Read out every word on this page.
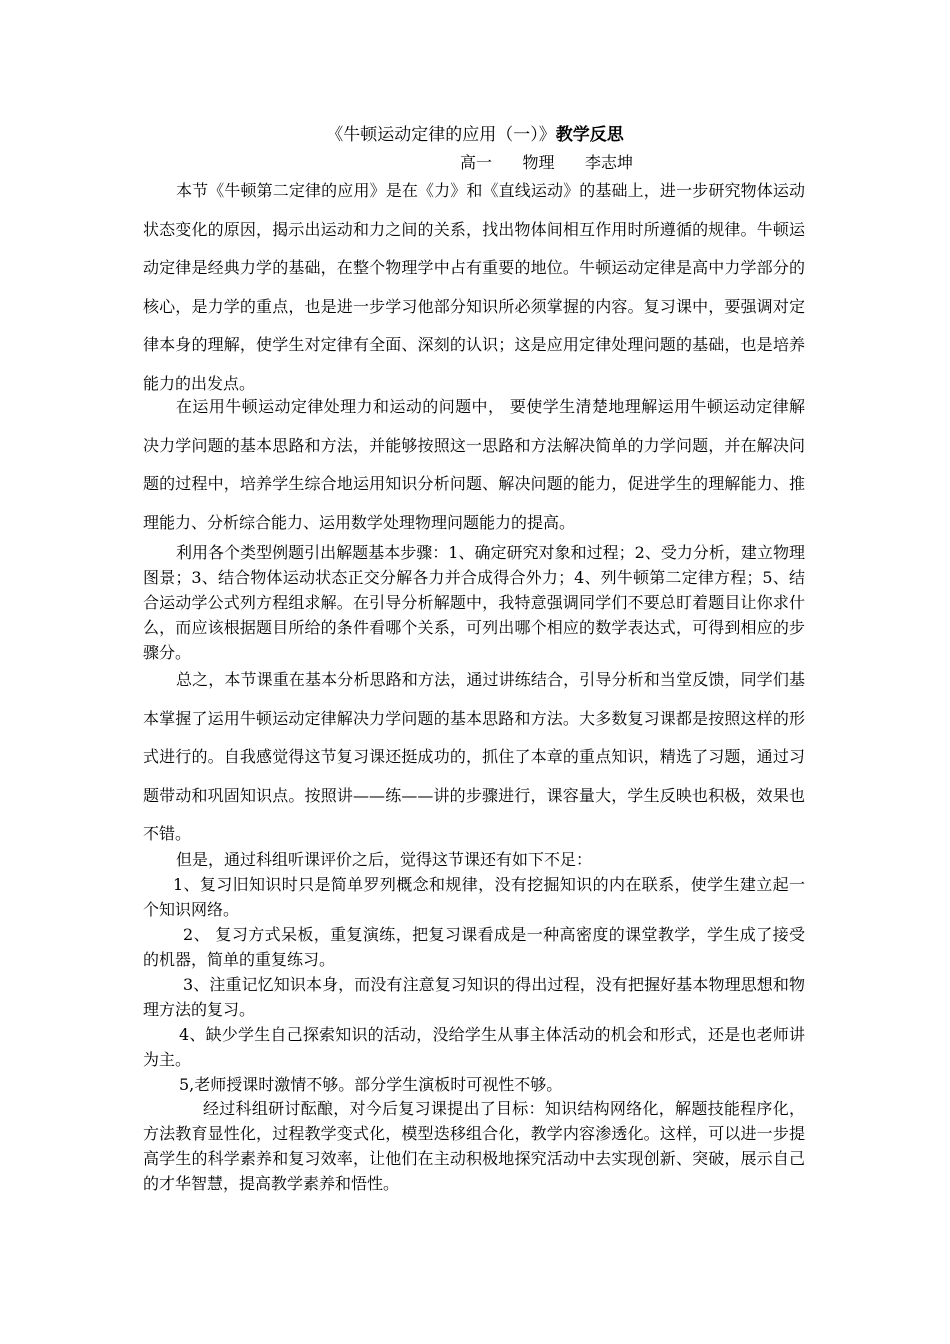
《牛顿运动定律的应用（一）》教学反思
高一      物理      李志坤

本节《牛顿第二定律的应用》是在《力》和《直线运动》的基础上，进一步研究物体运动状态变化的原因，揭示出运动和力之间的关系，找出物体间相互作用时所遵循的规律。牛顿运动定律是经典力学的基础，在整个物理学中占有重要的地位。牛顿运动定律是高中力学部分的核心，是力学的重点，也是进一步学习他部分知识所必须掌握的内容。复习课中，要强调对定律本身的理解，使学生对定律有全面、深刻的认识；这是应用定律处理问题的基础，也是培养能力的出发点。

在运用牛顿运动定律处理力和运动的问题中， 要使学生清楚地理解运用牛顿运动定律解决力学问题的基本思路和方法，并能够按照这一思路和方法解决简单的力学问题，并在解决问题的过程中，培养学生综合地运用知识分析问题、解决问题的能力，促进学生的理解能力、推理能力、分析综合能力、运用数学处理物理问题能力的提高。

利用各个类型例题引出解题基本步骤：1、确定研究对象和过程；2、受力分析，建立物理图景；3、结合物体运动状态正交分解各力并合成得合外力；4、列牛顿第二定律方程；5、结合运动学公式列方程组求解。在引导分析解题中，我特意强调同学们不要总盯着题目让你求什么，而应该根据题目所给的条件看哪个关系，可列出哪个相应的数学表达式，可得到相应的步骤分。

总之，本节课重在基本分析思路和方法，通过讲练结合，引导分析和当堂反馈，同学们基本掌握了运用牛顿运动定律解决力学问题的基本思路和方法。大多数复习课都是按照这样的形式进行的。自我感觉得这节复习课还挺成功的，抓住了本章的重点知识，精选了习题，通过习题带动和巩固知识点。按照讲——练——讲的步骤进行，课容量大，学生反映也积极，效果也不错。

但是，通过科组听课评价之后，觉得这节课还有如下不足：

1、复习旧知识时只是简单罗列概念和规律，没有挖掘知识的内在联系，使学生建立起一个知识网络。

2、 复习方式呆板，重复演练，把复习课看成是一种高密度的课堂教学，学生成了接受的机器，简单的重复练习。

3、注重记忆知识本身，而没有注意复习知识的得出过程，没有把握好基本物理思想和物理方法的复习。

4、缺少学生自己探索知识的活动，没给学生从事主体活动的机会和形式，还是也老师讲为主。

5,老师授课时激情不够。部分学生演板时可视性不够。

经过科组研讨酝酿，对今后复习课提出了目标：知识结构网络化，解题技能程序化，方法教育显性化，过程教学变式化，模型迭移组合化，教学内容渗透化。这样，可以进一步提高学生的科学素养和复习效率，让他们在主动积极地探究活动中去实现创新、突破，展示自己的才华智慧，提高教学素养和悟性。
